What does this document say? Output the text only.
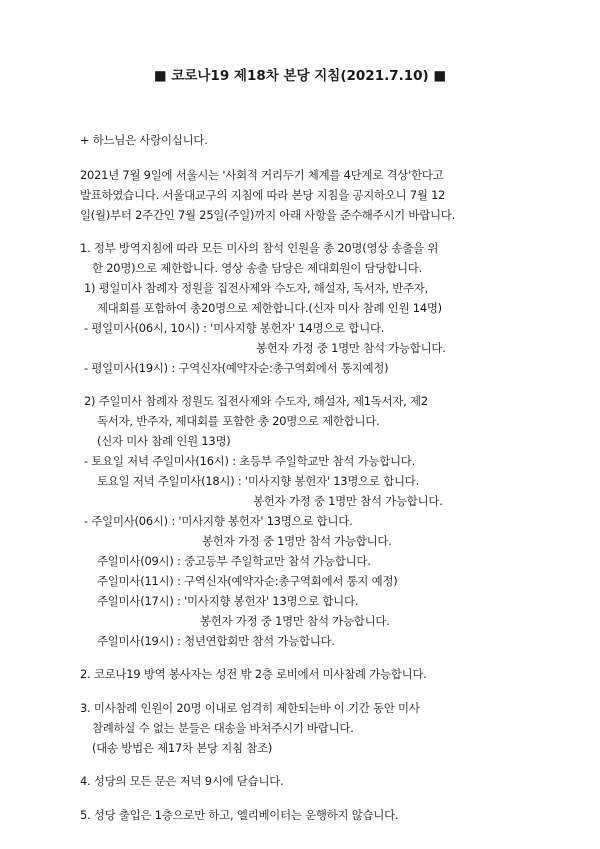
■ 코로나19 제18차 본당 지침(2021.7.10) ■
+ 하느님은 사랑이십니다.
2021년 7월 9일에 서울시는 '사회적 거리두기 체계를 4단계로 격상'한다고
발표하였습니다. 서울대교구의 지침에 따라 본당 지침을 공지하오니 7월 12
일(월)부터 2주간인 7월 25일(주일)까지 아래 사항을 준수해주시기 바랍니다.
1. 정부 방역지침에 따라 모든 미사의 참석 인원을 총 20명(영상 송출을 위
한 20명)으로 제한합니다. 영상 송출 담당은 제대회원이 담당합니다.
1) 평일미사 참례자 정원을 집전사제와 수도자, 해설자, 독서자, 반주자,
제대회를 포함하여 총20명으로 제한합니다.(신자 미사 참례 인원 14명)
- 평일미사(06시, 10시) : '미사지향 봉헌자' 14명으로 합니다.
봉헌자 가정 중 1명만 참석 가능합니다.
- 평일미사(19시) : 구역신자(예약자순:총구역회에서 통지예정)
2) 주일미사 참례자 정원도 집전사제와 수도자, 해설자, 제1독서자, 제2
독서자, 반주자, 제대회를 포함한 총 20명으로 제한합니다.
(신자 미사 참례 인원 13명)
- 토요일 저녁 주일미사(16시) : 초등부 주일학교만 참석 가능합니다.
토요일 저녁 주일미사(18시) : '미사지향 봉헌자' 13명으로 합니다.
봉헌자 가정 중 1명만 참석 가능합니다.
- 주일미사(06시) : '미사지향 봉헌자' 13명으로 합니다.
봉헌자 가정 중 1명만 참석 가능합니다.
주일미사(09시) : 중고등부 주일학교만 참석 가능합니다.
주일미사(11시) : 구역신자(예약자순:총구역회에서 통지 예정)
주일미사(17시) : '미사지향 봉헌자' 13명으로 합니다.
봉헌자 가정 중 1명만 참석 가능합니다.
주일미사(19시) : 청년연합회만 참석 가능합니다.
2. 코로나19 방역 봉사자는 성전 밖 2층 로비에서 미사참례 가능합니다.
3. 미사참례 인원이 20명 이내로 엄격히 제한되는바 이 기간 동안 미사
참례하실 수 없는 분들은 대송을 바쳐주시기 바랍니다.
(대송 방법은 제17차 본당 지침 참조)
4. 성당의 모든 문은 저녁 9시에 닫습니다.
5. 성당 출입은 1층으로만 하고, 엘리베이터는 운행하지 않습니다.
